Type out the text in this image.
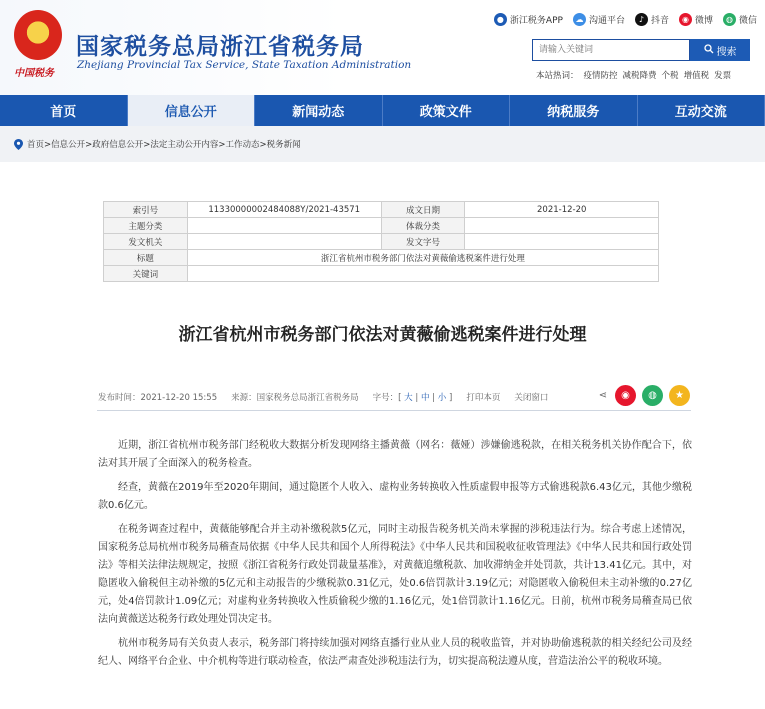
中国税务
国家税务总局浙江省税务局
Zhejiang Provincial Tax Service, State Taxation Administration
● 浙江税务APP	☁ 沟通平台	♪ 抖音	◉ 微博	◍ 微信
请输入关键词
搜索
本站热词： 疫情防控 减税降费 个税 增值税 发票
首页	信息公开	新闻动态	政策文件	纳税服务	互动交流
首页>信息公开>政府信息公开>法定主动公开内容>工作动态>税务新闻
索引号	11330000002484088Y/2021-43571	成文日期	2021-12-20
主题分类		体裁分类	
发文机关		发文字号	
标题	浙江省杭州市税务部门依法对黄薇偷逃税案件进行处理		
关键词			
浙江省杭州市税务部门依法对黄薇偷逃税案件进行处理
发布时间：2021-12-20 15:55 来源：国家税务总局浙江省税务局 字号：[ 大 | 中 | 小 ] 打印本页 关闭窗口	⋖	◉	◍	★

近期，浙江省杭州市税务部门经税收大数据分析发现网络主播黄薇（网名：薇娅）涉嫌偷逃税款，在相关税务机关协作配合下，依法对其开展了全面深入的税务检查。

经查，黄薇在2019年至2020年期间，通过隐匿个人收入、虚构业务转换收入性质虚假申报等方式偷逃税款6.43亿元，其他少缴税款0.6亿元。

在税务调查过程中，黄薇能够配合并主动补缴税款5亿元，同时主动报告税务机关尚未掌握的涉税违法行为。综合考虑上述情况，国家税务总局杭州市税务局稽查局依据《中华人民共和国个人所得税法》《中华人民共和国税收征收管理法》《中华人民共和国行政处罚法》等相关法律法规规定，按照《浙江省税务行政处罚裁量基准》，对黄薇追缴税款、加收滞纳金并处罚款，共计13.41亿元。其中，对隐匿收入偷税但主动补缴的5亿元和主动报告的少缴税款0.31亿元，处0.6倍罚款计3.19亿元；对隐匿收入偷税但未主动补缴的0.27亿元，处4倍罚款计1.09亿元；对虚构业务转换收入性质偷税少缴的1.16亿元，处1倍罚款计1.16亿元。日前，杭州市税务局稽查局已依法向黄薇送达税务行政处理处罚决定书。

杭州市税务局有关负责人表示，税务部门将持续加强对网络直播行业从业人员的税收监管，并对协助偷逃税款的相关经纪公司及经纪人、网络平台企业、中介机构等进行联动检查，依法严肃查处涉税违法行为，切实提高税法遵从度，营造法治公平的税收环境。
